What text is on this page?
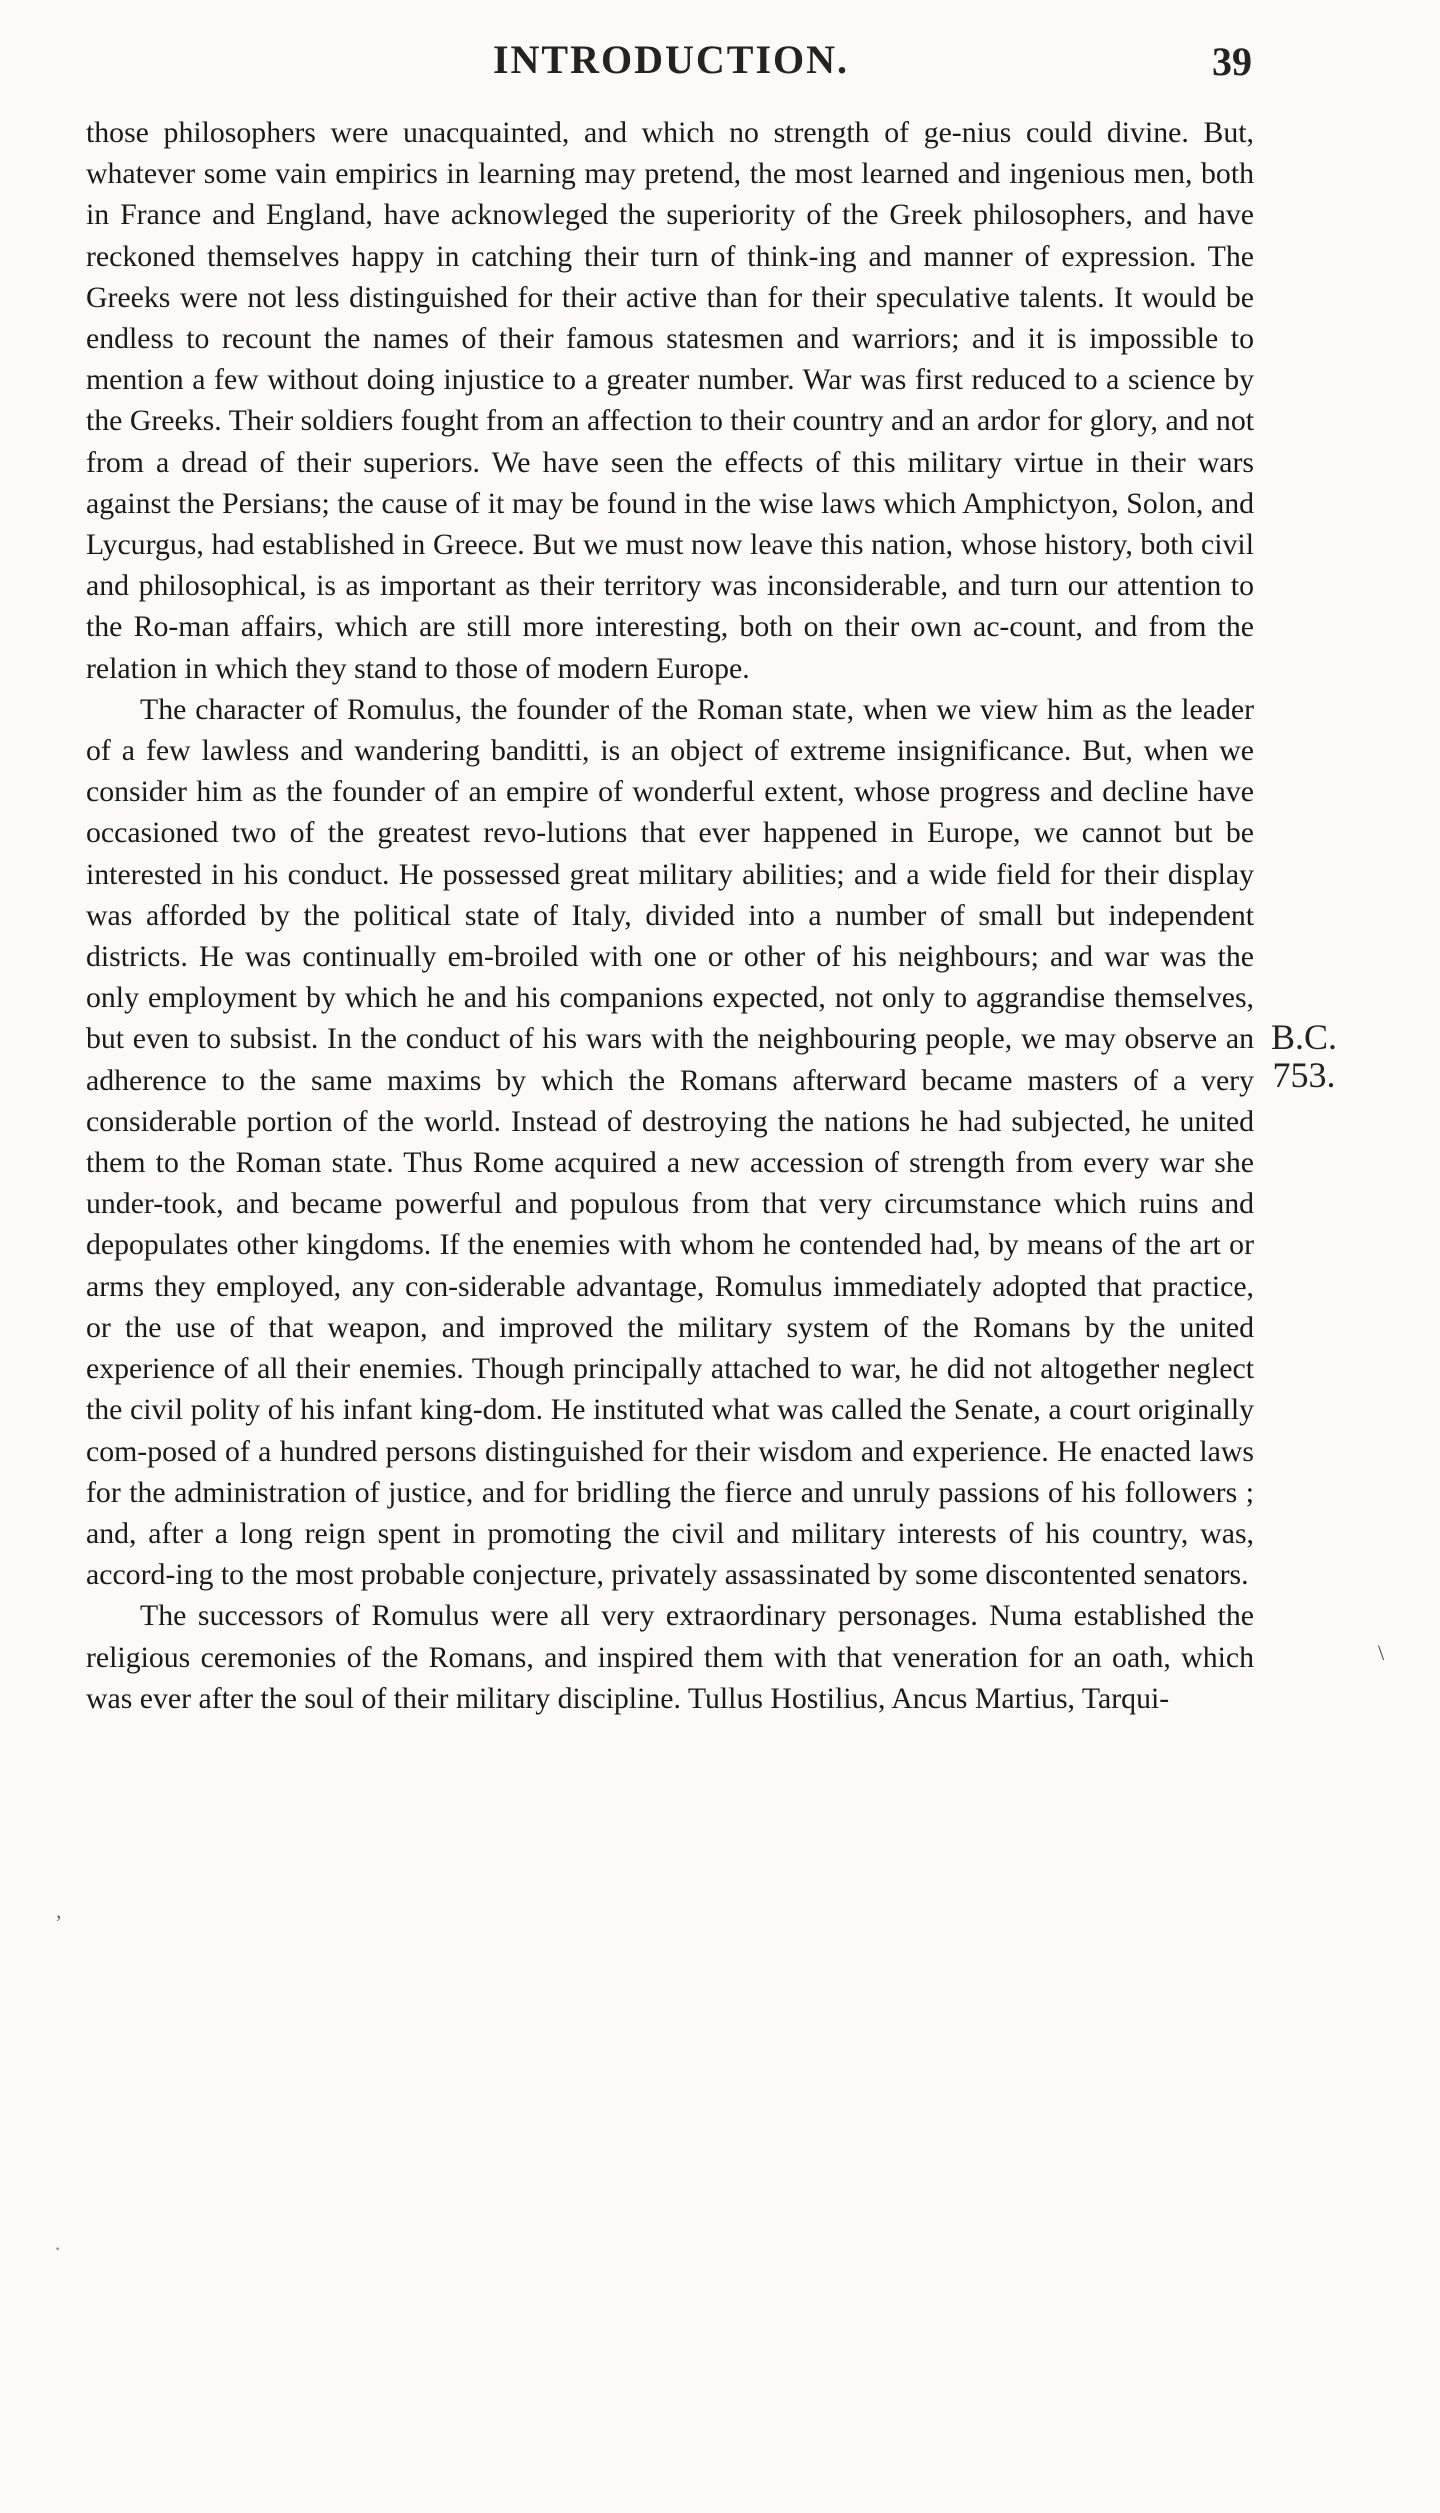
INTRODUCTION.	39

those philosophers were unacquainted, and which no strength of ge-nius could divine. But, whatever some vain empirics in learning may pretend, the most learned and ingenious men, both in France and England, have acknowleged the superiority of the Greek philosophers, and have reckoned themselves happy in catching their turn of think-ing and manner of expression. The Greeks were not less distinguished for their active than for their speculative talents. It would be endless to recount the names of their famous statesmen and warriors; and it is impossible to mention a few without doing injustice to a greater number. War was first reduced to a science by the Greeks. Their soldiers fought from an affection to their country and an ardor for glory, and not from a dread of their superiors. We have seen the effects of this military virtue in their wars against the Persians; the cause of it may be found in the wise laws which Amphictyon, Solon, and Lycurgus, had established in Greece. But we must now leave this nation, whose history, both civil and philosophical, is as important as their territory was inconsiderable, and turn our attention to the Ro-man affairs, which are still more interesting, both on their own ac-count, and from the relation in which they stand to those of modern Europe.

The character of Romulus, the founder of the Roman state, when we view him as the leader of a few lawless and wandering banditti, is an object of extreme insignificance. But, when we consider him as the founder of an empire of wonderful extent, whose progress and decline have occasioned two of the greatest revo-lutions that ever happened in Europe, we cannot but be interested in his conduct. He possessed great military abilities; and a wide field for their display was afforded by the political state of Italy, divided into a number of small but independent districts. He was continually em-broiled with one or other of his neighbours; and war was the only employment by which he and his companions expected, not only to aggrandise themselves, but even to subsist. In the conduct of his wars with the neighbouring people, we may observe an adherence to the same maxims by which the Romans afterward became masters of a very considerable portion of the world. Instead of destroying the nations he had subjected, he united them to the Roman state. Thus Rome acquired a new accession of strength from every war she under-took, and became powerful and populous from that very circumstance which ruins and depopulates other kingdoms. If the enemies with whom he contended had, by means of the art or arms they employed, any con-siderable advantage, Romulus immediately adopted that practice, or the use of that weapon, and improved the military system of the Romans by the united experience of all their enemies. Though principally attached to war, he did not altogether neglect the civil polity of his infant king-dom. He instituted what was called the Senate, a court originally com-posed of a hundred persons distinguished for their wisdom and experience. He enacted laws for the administration of justice, and for bridling the fierce and unruly passions of his followers ; and, after a long reign spent in promoting the civil and military interests of his country, was, accord-ing to the most probable conjecture, privately assassinated by some discontented senators.

The successors of Romulus were all very extraordinary personages. Numa established the religious ceremonies of the Romans, and inspired them with that veneration for an oath, which was ever after the soul of their military discipline. Tullus Hostilius, Ancus Martius, Tarqui-

B.C.
753.
\
,
·
